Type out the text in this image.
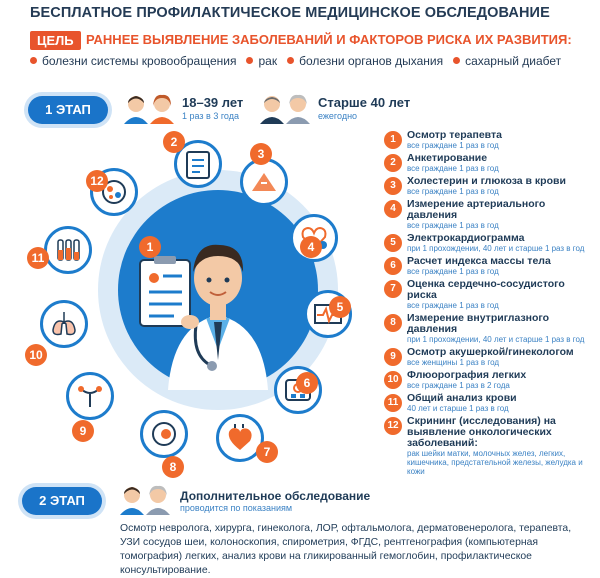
БЕСПЛАТНОЕ ПРОФИЛАКТИЧЕСКОЕ МЕДИЦИНСКОЕ ОБСЛЕДОВАНИЕ
ЦЕЛЬ РАННЕЕ ВЫЯВЛЕНИЕ ЗАБОЛЕВАНИЙ И ФАКТОРОВ РИСКА ИХ РАЗВИТИЯ:
болезни системы кровообращения	рак	болезни органов дыхания	сахарный диабет
1 ЭТАП	18–39 лет
1 раз в 3 года
Старше 40 лет
ежегодно
1
2
3
4
5
6
7
8
9
10
11
12
1	Осмотр терапевта
все граждане 1 раз в год
2	Анкетирование
все граждане 1 раз в год
3	Холестерин и глюкоза в крови
все граждане 1 раз в год
4	Измерение артериального давления
все граждане 1 раз в год
5	Электрокардиограмма
при 1 прохождении, 40 лет и старше 1 раз в год
6	Расчет индекса массы тела
все граждане 1 раз в год
7	Оценка сердечно-сосудистого риска
все граждане 1 раз в год
8	Измерение внутриглазного давления
при 1 прохождении, 40 лет и старше 1 раз в год
9	Осмотр акушеркой/гинекологом
все женщины 1 раз в год
10 Флюорография легких
все граждане 1 раз в 2 года
11 Общий анализ крови
40 лет и старше 1 раз в год
12 Скрининг (исследования) на выявление онкологических заболеваний:
рак шейки матки, молочных желез, легких, кишечника, предстательной железы, желудка и кожи
2 ЭТАП	Дополнительное обследование
проводится по показаниям
Осмотр невролога, хирурга, гинеколога, ЛОР, офтальмолога, дерматовенеролога, терапевта, УЗИ сосудов шеи, колоноскопия, спирометрия, ФГДС, рентгенография (компьютерная томография) легких, анализ крови на гликированный гемоглобин, профилактическое консультирование.
